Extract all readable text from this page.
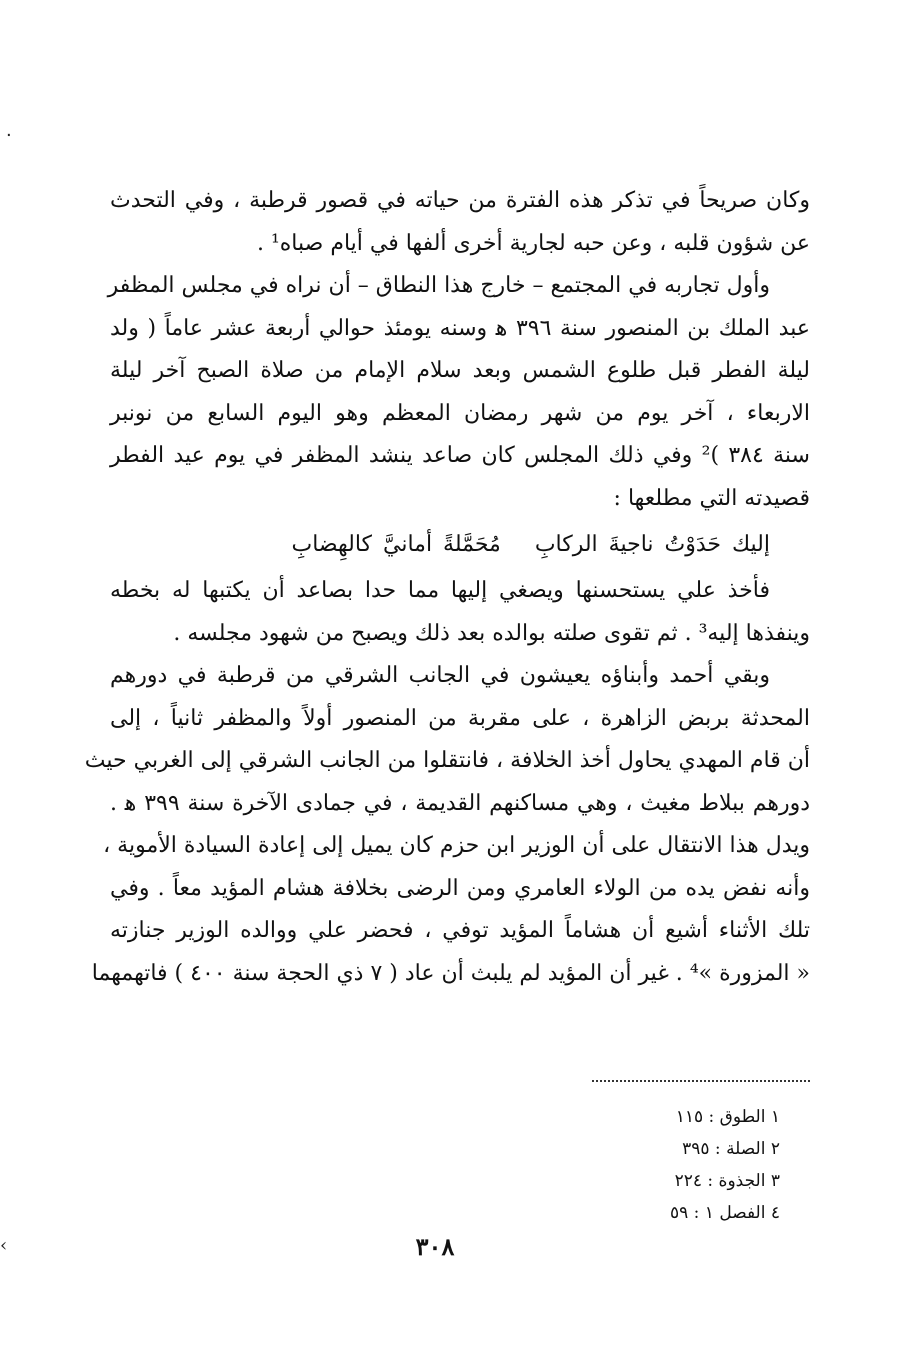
٠
وكان صريحاً في تذكر هذه الفترة من حياته في قصور قرطبة ، وفي التحدث
عن شؤون قلبه ، وعن حبه لجارية أخرى ألفها في أيام صباه¹ .
وأول تجاربه في المجتمع – خارج هذا النطاق – أن نراه في مجلس المظفر
عبد الملك بن المنصور سنة ٣٩٦ ﻫ وسنه يومئذ حوالي أربعة عشر عاماً ( ولد
ليلة الفطر قبل طلوع الشمس وبعد سلام الإمام من صلاة الصبح آخر ليلة
الاربعاء ، آخر يوم من شهر رمضان المعظم وهو اليوم السابع من نونبر
سنة ٣٨٤ )² وفي ذلك المجلس كان صاعد ينشد المظفر في يوم عيد الفطر
قصيدته التي مطلعها :
إليك حَدَوْتُ ناجيةَ الركابِمُحَمَّلةً أمانيَّ كالهِضابِ
فأخذ علي يستحسنها ويصغي إليها مما حدا بصاعد أن يكتبها له بخطه
وينفذها إليه³ . ثم تقوى صلته بوالده بعد ذلك ويصبح من شهود مجلسه .
وبقي أحمد وأبناؤه يعيشون في الجانب الشرقي من قرطبة في دورهم
المحدثة بربض الزاهرة ، على مقربة من المنصور أولاً والمظفر ثانياً ، إلى
أن قام المهدي يحاول أخذ الخلافة ، فانتقلوا من الجانب الشرقي إلى الغربي حيث
دورهم ببلاط مغيث ، وهي مساكنهم القديمة ، في جمادى الآخرة سنة ٣٩٩ ﻫ .
ويدل هذا الانتقال على أن الوزير ابن حزم كان يميل إلى إعادة السيادة الأموية ،
وأنه نفض يده من الولاء العامري ومن الرضى بخلافة هشام المؤيد معاً . وفي
تلك الأثناء أشيع أن هشاماً المؤيد توفي ، فحضر علي ووالده الوزير جنازته
« المزورة »⁴ . غير أن المؤيد لم يلبث أن عاد ( ٧ ذي الحجة سنة ٤٠٠ ) فاتهمهما
١ الطوق : ١١٥
٢ الصلة : ٣٩٥
٣ الجذوة : ٢٢٤
٤ الفصل ١ : ٥٩
‹	٣٠٨
